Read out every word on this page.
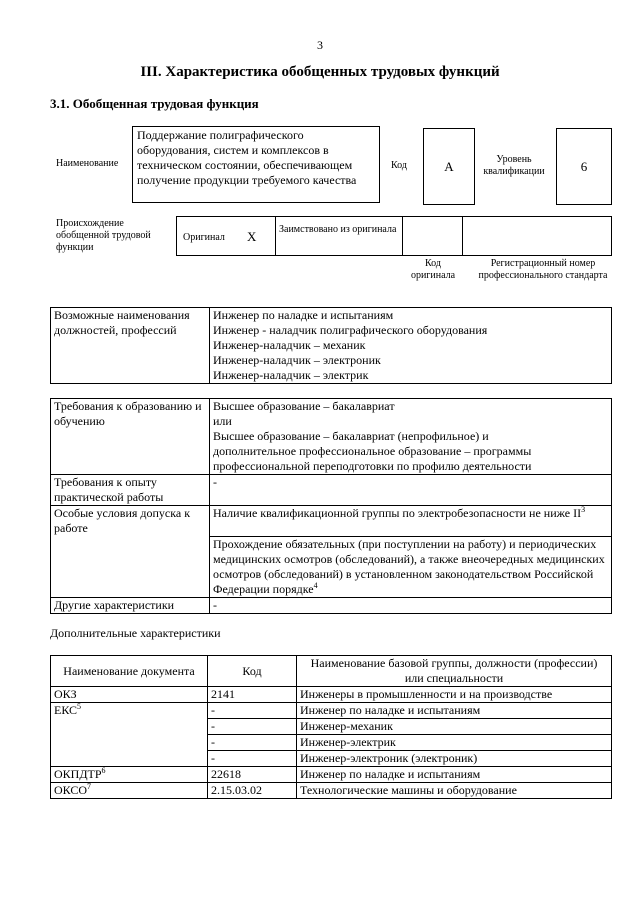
3
III. Характеристика обобщенных трудовых функций
3.1. Обобщенная трудовая функция
Наименование
Поддержание полиграфического оборудования, систем и комплексов в техническом состоянии, обеспечивающем получение продукции требуемого качества
Код	A	Уровень квалификации	6
Происхождение обобщенной трудовой функции
Оригинал X Заимствовано из оригинала
Код оригинала
Регистрационный номер профессионального стандарта
Возможные наименования должностей, профессий	
Инженер по наладке и испытаниям
Инженер - наладчик полиграфического оборудования
Инженер-наладчик – механик
Инженер-наладчик – электроник
Инженер-наладчик – электрик
Требования к образованию и обучению	Высшее образование – бакалавриат
или
Высшее образование – бакалавриат (непрофильное) и
дополнительное профессиональное образование – программы
профессиональной переподготовки по профилю деятельности

Требования к опыту практической работы	-
Особые условия допуска к работе	Наличие квалификационной группы по электробезопасности не ниже $II^3$
	Прохождение обязательных (при поступлении на работу) и периодических медицинских осмотров (обследований), а также внеочередных медицинских осмотров (обследований) в установленном законодательством Российской Федерации порядке$^4$
Другие характеристики	-
Дополнительные характеристики
Наименование документа	Код	Наименование базовой группы, должности (профессии) или специальности
ОКЗ	2141	Инженеры в промышленности и на производстве
ЕКС$^5$	-	Инженер по наладке и испытаниям
	-	Инженер-механик
	-	Инженер-электрик
	-	Инженер-электроник (электроник)
ОКПДТР$^6$	22618	Инженер по наладке и испытаниям
ОКСО$^7$	2.15.03.02	Технологические машины и оборудование
